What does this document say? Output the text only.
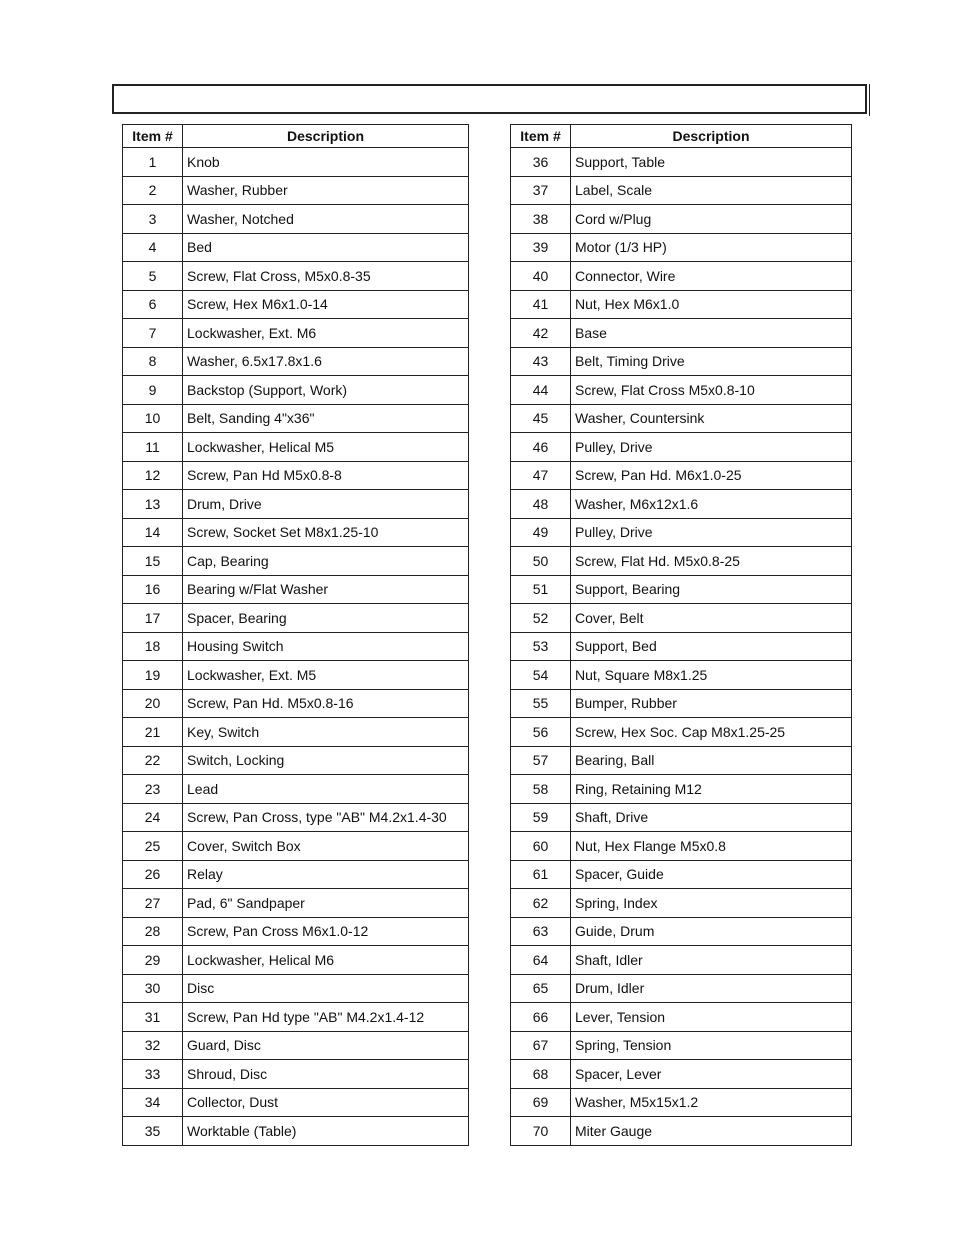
Item #	Description
1	Knob
2	Washer, Rubber
3	Washer, Notched
4	Bed
5	Screw, Flat Cross, M5x0.8-35
6	Screw, Hex M6x1.0-14
7	Lockwasher, Ext. M6
8	Washer, 6.5x17.8x1.6
9	Backstop (Support, Work)
10	Belt, Sanding 4"x36"
11	Lockwasher, Helical M5
12	Screw, Pan Hd M5x0.8-8
13	Drum, Drive
14	Screw, Socket Set M8x1.25-10
15	Cap, Bearing
16	Bearing w/Flat Washer
17	Spacer, Bearing
18	Housing Switch
19	Lockwasher, Ext. M5
20	Screw, Pan Hd. M5x0.8-16
21	Key, Switch
22	Switch, Locking
23	Lead
24	Screw, Pan Cross, type "AB" M4.2x1.4-30
25	Cover, Switch Box
26	Relay
27	Pad, 6" Sandpaper
28	Screw, Pan Cross M6x1.0-12
29	Lockwasher, Helical M6
30	Disc
31	Screw, Pan Hd type "AB" M4.2x1.4-12
32	Guard, Disc
33	Shroud, Disc
34	Collector, Dust
35	Worktable (Table)
Item #	Description
36	Support, Table
37	Label, Scale
38	Cord w/Plug
39	Motor (1/3 HP)
40	Connector, Wire
41	Nut, Hex M6x1.0
42	Base
43	Belt, Timing Drive
44	Screw, Flat Cross M5x0.8-10
45	Washer, Countersink
46	Pulley, Drive
47	Screw, Pan Hd. M6x1.0-25
48	Washer, M6x12x1.6
49	Pulley, Drive
50	Screw, Flat Hd. M5x0.8-25
51	Support, Bearing
52	Cover, Belt
53	Support, Bed
54	Nut, Square M8x1.25
55	Bumper, Rubber
56	Screw, Hex Soc. Cap M8x1.25-25
57	Bearing, Ball
58	Ring, Retaining M12
59	Shaft, Drive
60	Nut, Hex Flange M5x0.8
61	Spacer, Guide
62	Spring, Index
63	Guide, Drum
64	Shaft, Idler
65	Drum, Idler
66	Lever, Tension
67	Spring, Tension
68	Spacer, Lever
69	Washer, M5x15x1.2
70	Miter Gauge
